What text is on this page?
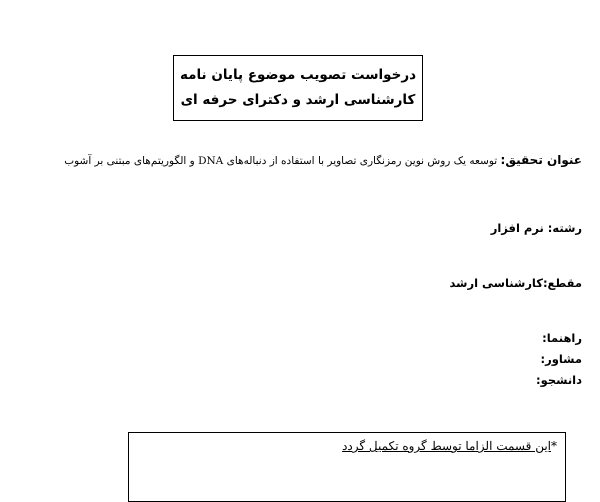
درخواست تصویب موضوع پایان نامه
کارشناسی ارشد و دکترای حرفه ای
عنوان تحقیق: توسعه یک روش نوین رمزنگاری تصاویر با استفاده از دنباله‌های DNA و الگوریتم‌های مبتنی بر آشوب
رشته: نرم افزار
مقطع:کارشناسی ارشد
راهنما:
مشاور:
دانشجو:
*این قسمت الزاما توسط گروه تکمیل گردد
